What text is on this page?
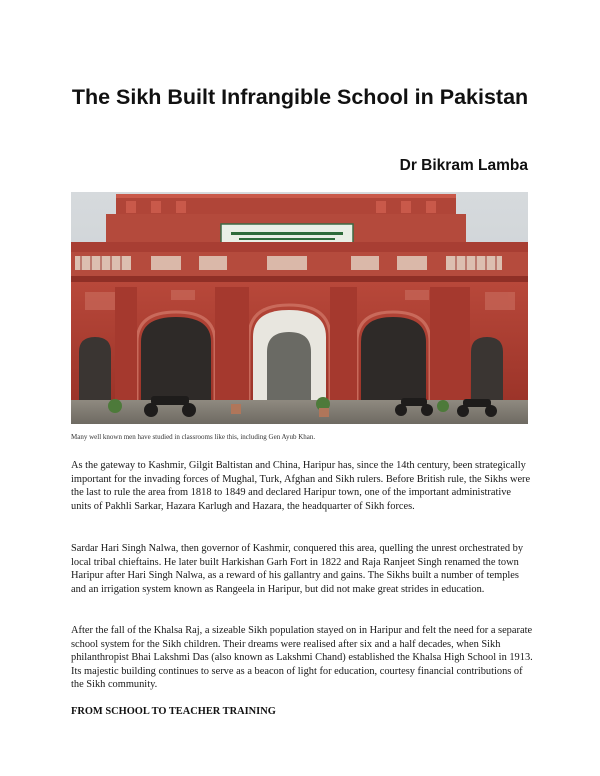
The Sikh Built Infrangible School in Pakistan

Dr Bikram Lamba

Many well known men have studied in classrooms like this, including Gen Ayub Khan.

As the gateway to Kashmir, Gilgit Baltistan and China, Haripur has, since the 14th century, been strategically important for the invading forces of Mughal, Turk, Afghan and Sikh rulers. Before British rule, the Sikhs were the last to rule the area from 1818 to 1849 and declared Haripur town, one of the important administrative units of Pakhli Sarkar, Hazara Karlugh and Hazara, the headquarter of Sikh forces.

Sardar Hari Singh Nalwa, then governor of Kashmir, conquered this area, quelling the unrest orchestrated by local tribal chieftains. He later built Harkishan Garh Fort in 1822 and Raja Ranjeet Singh renamed the town Haripur after Hari Singh Nalwa, as a reward of his gallantry and gains. The Sikhs built a number of temples and an irrigation system known as Rangeela in Haripur, but did not make great strides in education.

After the fall of the Khalsa Raj, a sizeable Sikh population stayed on in Haripur and felt the need for a separate school system for the Sikh children. Their dreams were realised after six and a half decades, when Sikh philanthropist Bhai Lakshmi Das (also known as Lakshmi Chand) established the Khalsa High School in 1913. Its majestic building continues to serve as a beacon of light for education, courtesy financial contributions of the Sikh community.

FROM SCHOOL TO TEACHER TRAINING
